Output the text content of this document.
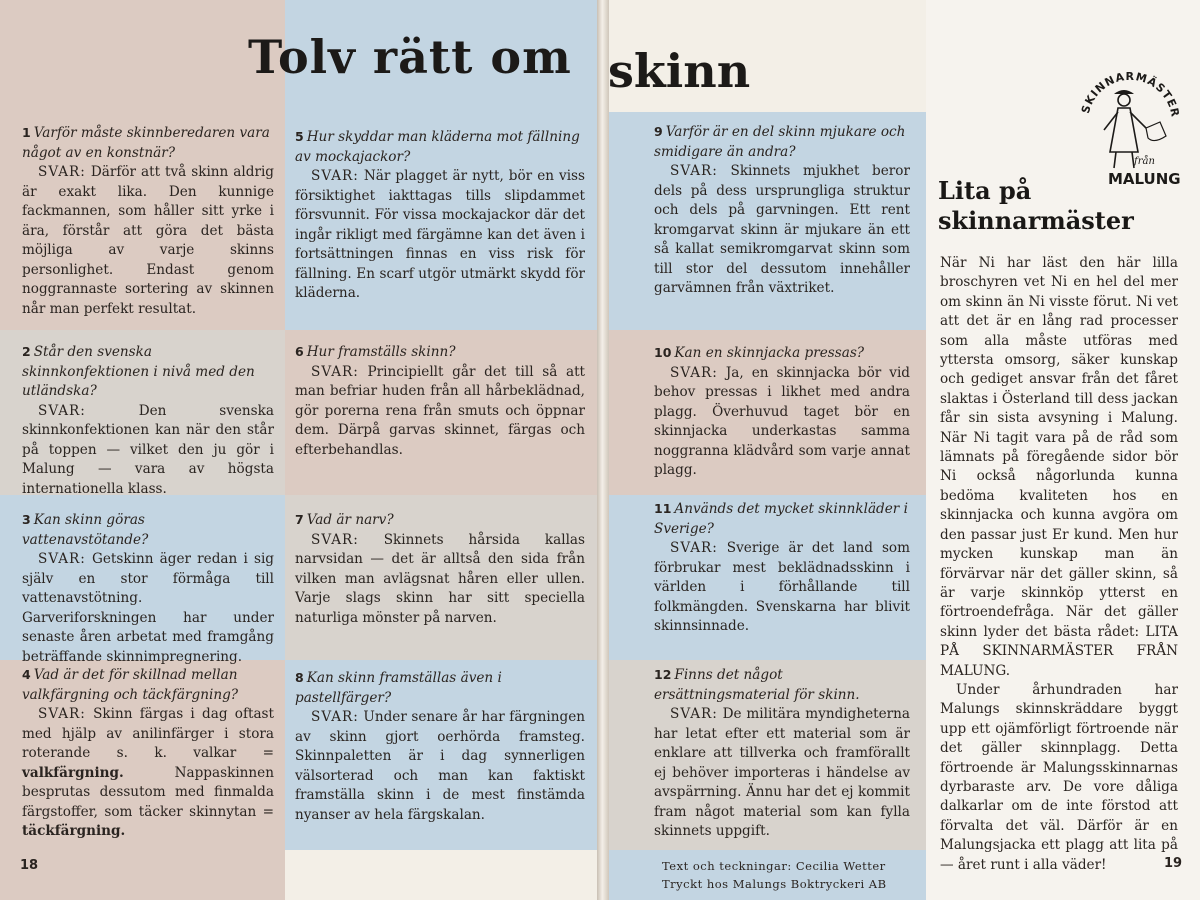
Tolv rätt om skinn

1 Varför måste skinnberedaren vara något av en konstnär?

SVAR: Därför att två skinn aldrig är exakt lika. Den kunnige fackmannen, som håller sitt yrke i ära, förstår att göra det bästa möjliga av varje skinns personlighet. Endast genom noggrannaste sortering av skinnen når man perfekt resultat.

2 Står den svenska skinnkonfektionen i nivå med den utländska?

SVAR:	Den svenska skinnkonfektionen kan när den står på toppen — vilket den ju gör i Malung — vara av högsta internationella klass.

3 Kan skinn göras vattenavstötande?

SVAR: Getskinn äger redan i sig själv en stor förmåga till vattenavstötning. Garveriforskningen har under senaste åren arbetat med framgång beträffande skinnimpregnering.

4 Vad är det för skillnad mellan valkfärgning och täckfärgning?

SVAR: Skinn färgas i dag oftast med hjälp av anilinfärger i stora roterande s. k. valkar = valkfärgning.	Nappaskinnen besprutas dessutom med finmalda färgstoffer, som täcker skinnytan = täckfärgning.

5 Hur skyddar man kläderna mot fällning av mockajackor?

SVAR: När plagget är nytt, bör en viss försiktighet iakttagas tills slipdammet försvunnit. För vissa mockajackor där det ingår rikligt med färgämne kan det även i fortsättningen finnas en viss risk för fällning. En scarf utgör utmärkt skydd för kläderna.

6 Hur framställs skinn?

SVAR: Principiellt går det till så att man befriar huden från all hårbeklädnad, gör porerna rena från smuts och öppnar dem. Därpå garvas skinnet, färgas och efterbehandlas.

7 Vad är narv?

SVAR: Skinnets hårsida kallas narvsidan — det är alltså den sida från vilken man avlägsnat håren eller ullen. Varje slags skinn har sitt speciella naturliga mönster på narven.

8 Kan skinn framställas även i pastellfärger?

SVAR: Under senare år har färgningen av skinn gjort oerhörda framsteg. Skinnpaletten är i dag synnerligen välsorterad och man kan faktiskt framställa skinn i de mest finstämda nyanser av hela färgskalan.

9 Varför är en del skinn mjukare och smidigare än andra?

SVAR: Skinnets mjukhet beror dels på dess ursprungliga struktur och dels på garvningen. Ett rent kromgarvat skinn är mjukare än ett så kallat semikromgarvat skinn som till stor del dessutom innehåller garvämnen från växtriket.

10 Kan en skinnjacka pressas?

SVAR: Ja, en skinnjacka bör vid behov pressas i likhet med andra plagg. Överhuvud taget bör en skinnjacka underkastas samma noggranna klädvård som varje annat plagg.

11 Används det mycket skinnkläder i Sverige?

SVAR: Sverige är det land som förbrukar mest beklädnadsskinn i världen i förhållande till folkmängden. Svenskarna har blivit skinnsinnade.

12 Finns det något ersättningsmaterial för skinn.

SVAR: De militära myndigheterna har letat efter ett material som är enklare att tillverka och framförallt ej behöver importeras i händelse av avspärrning. Ännu har det ej kommit fram något material som kan fylla skinnets uppgift.

18	19
Text och teckningar: Cecilia Wetter
Tryckt hos Malungs Boktryckeri AB
SKINNARMÄSTER
från
MALUNG
Lita på
skinnarmäster

När Ni har läst den här lilla broschyren vet Ni en hel del mer om skinn än Ni visste förut. Ni vet att det är en lång rad processer som alla måste utföras med yttersta omsorg, säker kunskap och gediget ansvar från det fåret slaktas i Österland till dess jackan får sin sista avsyning i Malung. När Ni tagit vara på de råd som lämnats på föregående sidor bör Ni också någorlunda kunna bedöma kvaliteten hos en skinnjacka och kunna avgöra om den passar just Er kund. Men hur mycken kunskap man än förvärvar när det gäller skinn, så är varje skinnköp ytterst en förtroendefråga. När det gäller skinn lyder det bästa rådet: LITA PÅ SKINNARMÄSTER FRÅN MALUNG.

Under århundraden har Malungs skinnskräddare byggt upp ett ojämförligt förtroende när det gäller skinnplagg. Detta förtroende är Malungsskinnarnas dyrbaraste arv. De vore dåliga dalkarlar om de inte förstod att förvalta det väl. Därför är en Malungsjacka ett plagg att lita på — året runt i alla väder!
